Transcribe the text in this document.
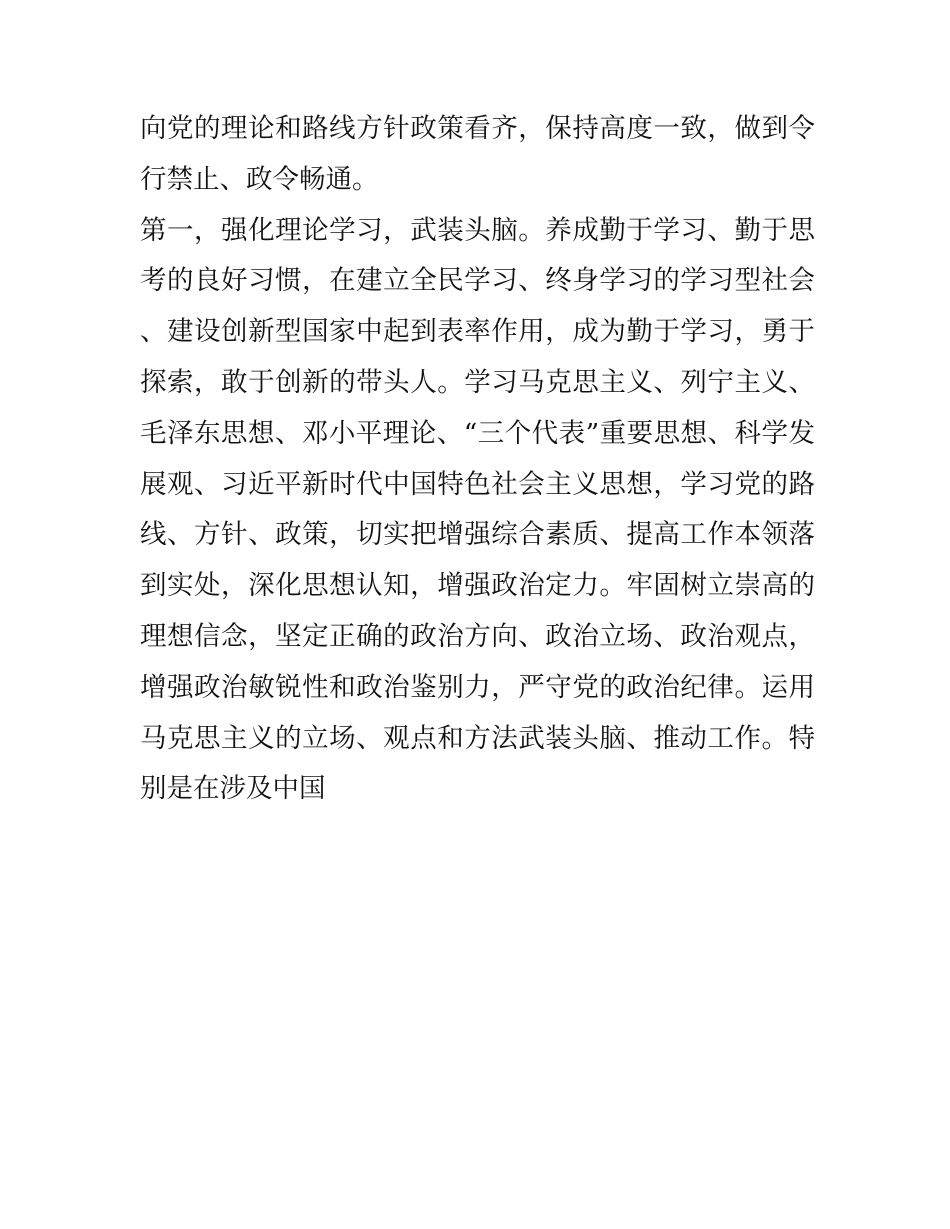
向党的理论和路线方针政策看齐，保持高度一致，做到令行禁止、政令畅通。

第一，强化理论学习，武装头脑。养成勤于学习、勤于思考的良好习惯，在建立全民学习、终身学习的学习型社会、建设创新型国家中起到表率作用，成为勤于学习，勇于探索，敢于创新的带头人。学习马克思主义、列宁主义、毛泽东思想、邓小平理论、“三个代表”重要思想、科学发展观、习近平新时代中国特色社会主义思想，学习党的路线、方针、政策，切实把增强综合素质、提高工作本领落到实处，深化思想认知，增强政治定力。牢固树立崇高的理想信念，坚定正确的政治方向、政治立场、政治观点，增强政治敏锐性和政治鉴别力，严守党的政治纪律。运用马克思主义的立场、观点和方法武装头脑、推动工作。特别是在涉及中国
